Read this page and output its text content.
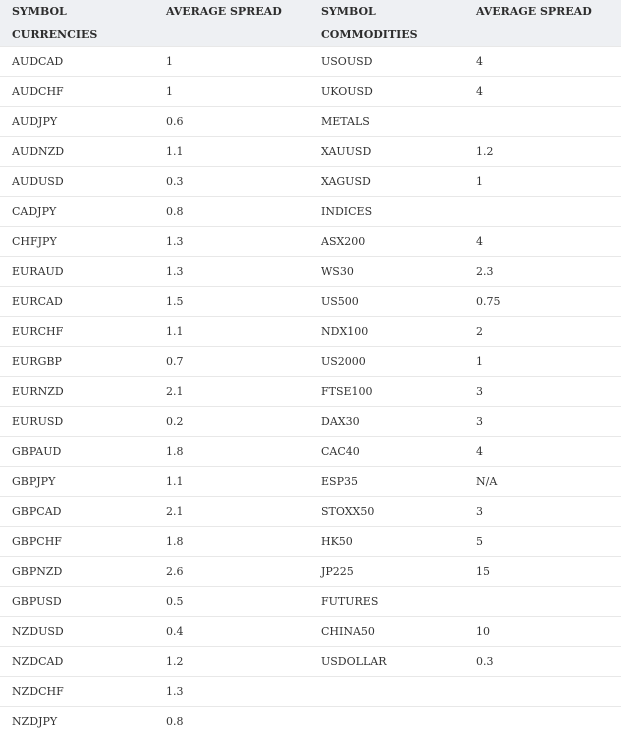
SYMBOL	AVERAGE SPREAD	SYMBOL	AVERAGE SPREAD
CURRENCIES		COMMODITIES	
AUDCAD	1	USOUSD	4
AUDCHF	1	UKOUSD	4
AUDJPY	0.6	METALS	
AUDNZD	1.1	XAUUSD	1.2
AUDUSD	0.3	XAGUSD	1
CADJPY	0.8	INDICES	
CHFJPY	1.3	ASX200	4
EURAUD	1.3	WS30	2.3
EURCAD	1.5	US500	0.75
EURCHF	1.1	NDX100	2
EURGBP	0.7	US2000	1
EURNZD	2.1	FTSE100	3
EURUSD	0.2	DAX30	3
GBPAUD	1.8	CAC40	4
GBPJPY	1.1	ESP35	N/A
GBPCAD	2.1	STOXX50	3
GBPCHF	1.8	HK50	5
GBPNZD	2.6	JP225	15
GBPUSD	0.5	FUTURES	
NZDUSD	0.4	CHINA50	10
NZDCAD	1.2	USDOLLAR	0.3
NZDCHF	1.3		
NZDJPY	0.8		
